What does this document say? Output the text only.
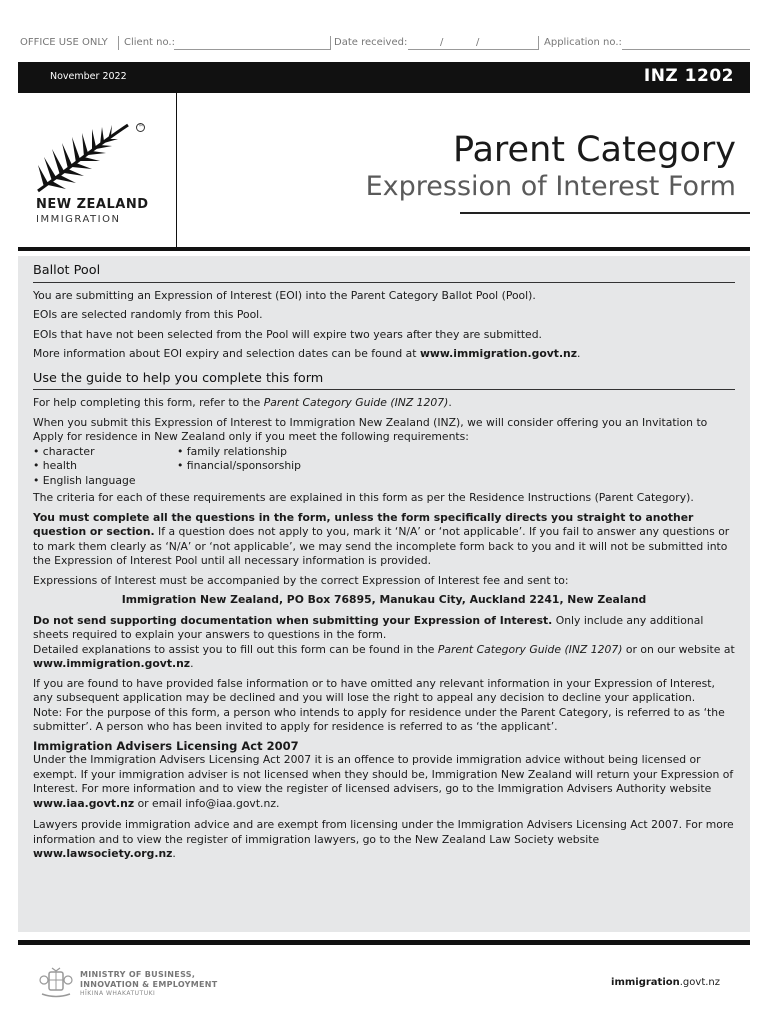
OFFICE USE ONLY Client no.:	Date received:	/	/	Application no.:
November 2022	INZ 1202
™
NEW ZEALAND
IMMIGRATION
Parent Category
Expression of Interest Form
Ballot Pool

You are submitting an Expression of Interest (EOI) into the Parent Category Ballot Pool (Pool).

EOIs are selected randomly from this Pool.

EOIs that have not been selected from the Pool will expire two years after they are submitted.

More information about EOI expiry and selection dates can be found at www.immigration.govt.nz.

Use the guide to help you complete this form

For help completing this form, refer to the Parent Category Guide (INZ 1207).

When you submit this Expression of Interest to Immigration New Zealand (INZ), we will consider offering you an Invitation to Apply for residence in New Zealand only if you meet the following requirements:

• character
• health
• English language
• family relationship
• financial/sponsorship

The criteria for each of these requirements are explained in this form as per the Residence Instructions (Parent Category).

You must complete all the questions in the form, unless the form specifically directs you straight to another question or section. If a question does not apply to you, mark it ‘N/A’ or ‘not applicable’. If you fail to answer any questions or to mark them clearly as ‘N/A’ or ‘not applicable’, we may send the incomplete form back to you and it will not be submitted into the Expression of Interest Pool until all necessary information is provided.

Expressions of Interest must be accompanied by the correct Expression of Interest fee and sent to:

Immigration New Zealand, PO Box 76895, Manukau City, Auckland 2241, New Zealand

Do not send supporting documentation when submitting your Expression of Interest. Only include any additional sheets required to explain your answers to questions in the form.

Detailed explanations to assist you to fill out this form can be found in the Parent Category Guide (INZ 1207) or on our website at www.immigration.govt.nz.

If you are found to have provided false information or to have omitted any relevant information in your Expression of Interest, any subsequent application may be declined and you will lose the right to appeal any decision to decline your application.

Note: For the purpose of this form, a person who intends to apply for residence under the Parent Category, is referred to as ‘the submitter’. A person who has been invited to apply for residence is referred to as ‘the applicant’.

Immigration Advisers Licensing Act 2007

Under the Immigration Advisers Licensing Act 2007 it is an offence to provide immigration advice without being licensed or exempt. If your immigration adviser is not licensed when they should be, Immigration New Zealand will return your Expression of Interest. For more information and to view the register of licensed advisers, go to the Immigration Advisers Authority website www.iaa.govt.nz or email info@iaa.govt.nz.

Lawyers provide immigration advice and are exempt from licensing under the Immigration Advisers Licensing Act 2007. For more information and to view the register of immigration lawyers, go to the New Zealand Law Society website www.lawsociety.org.nz.

MINISTRY OF BUSINESS,
INNOVATION & EMPLOYMENT
HĪKINA WHAKATUTUKI
immigration.govt.nz
